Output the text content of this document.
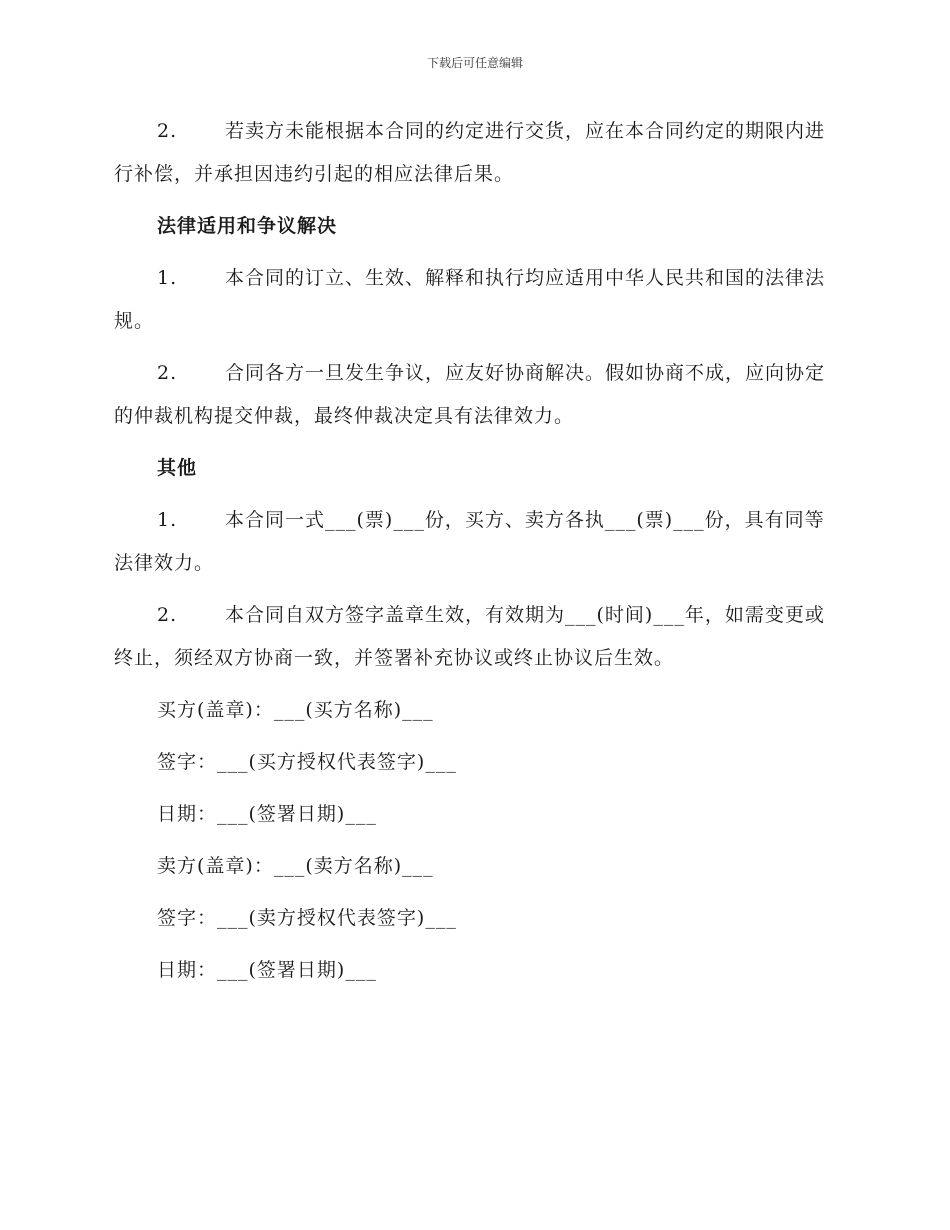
下载后可任意编辑

2.	若卖方未能根据本合同的约定进行交货，应在本合同约定的期限内进行补偿，并承担因违约引起的相应法律后果。

法律适用和争议解决

1.	本合同的订立、生效、解释和执行均应适用中华人民共和国的法律法规。

2.	合同各方一旦发生争议，应友好协商解决。假如协商不成，应向协定的仲裁机构提交仲裁，最终仲裁决定具有法律效力。

其他

1.	本合同一式___(票)___份，买方、卖方各执___(票)___份，具有同等法律效力。

2.	本合同自双方签字盖章生效，有效期为___(时间)___年，如需变更或终止，须经双方协商一致，并签署补充协议或终止协议后生效。

买方(盖章)：___(买方名称)___

签字：___(买方授权代表签字)___

日期：___(签署日期)___

卖方(盖章)：___(卖方名称)___

签字：___(卖方授权代表签字)___

日期：___(签署日期)___
